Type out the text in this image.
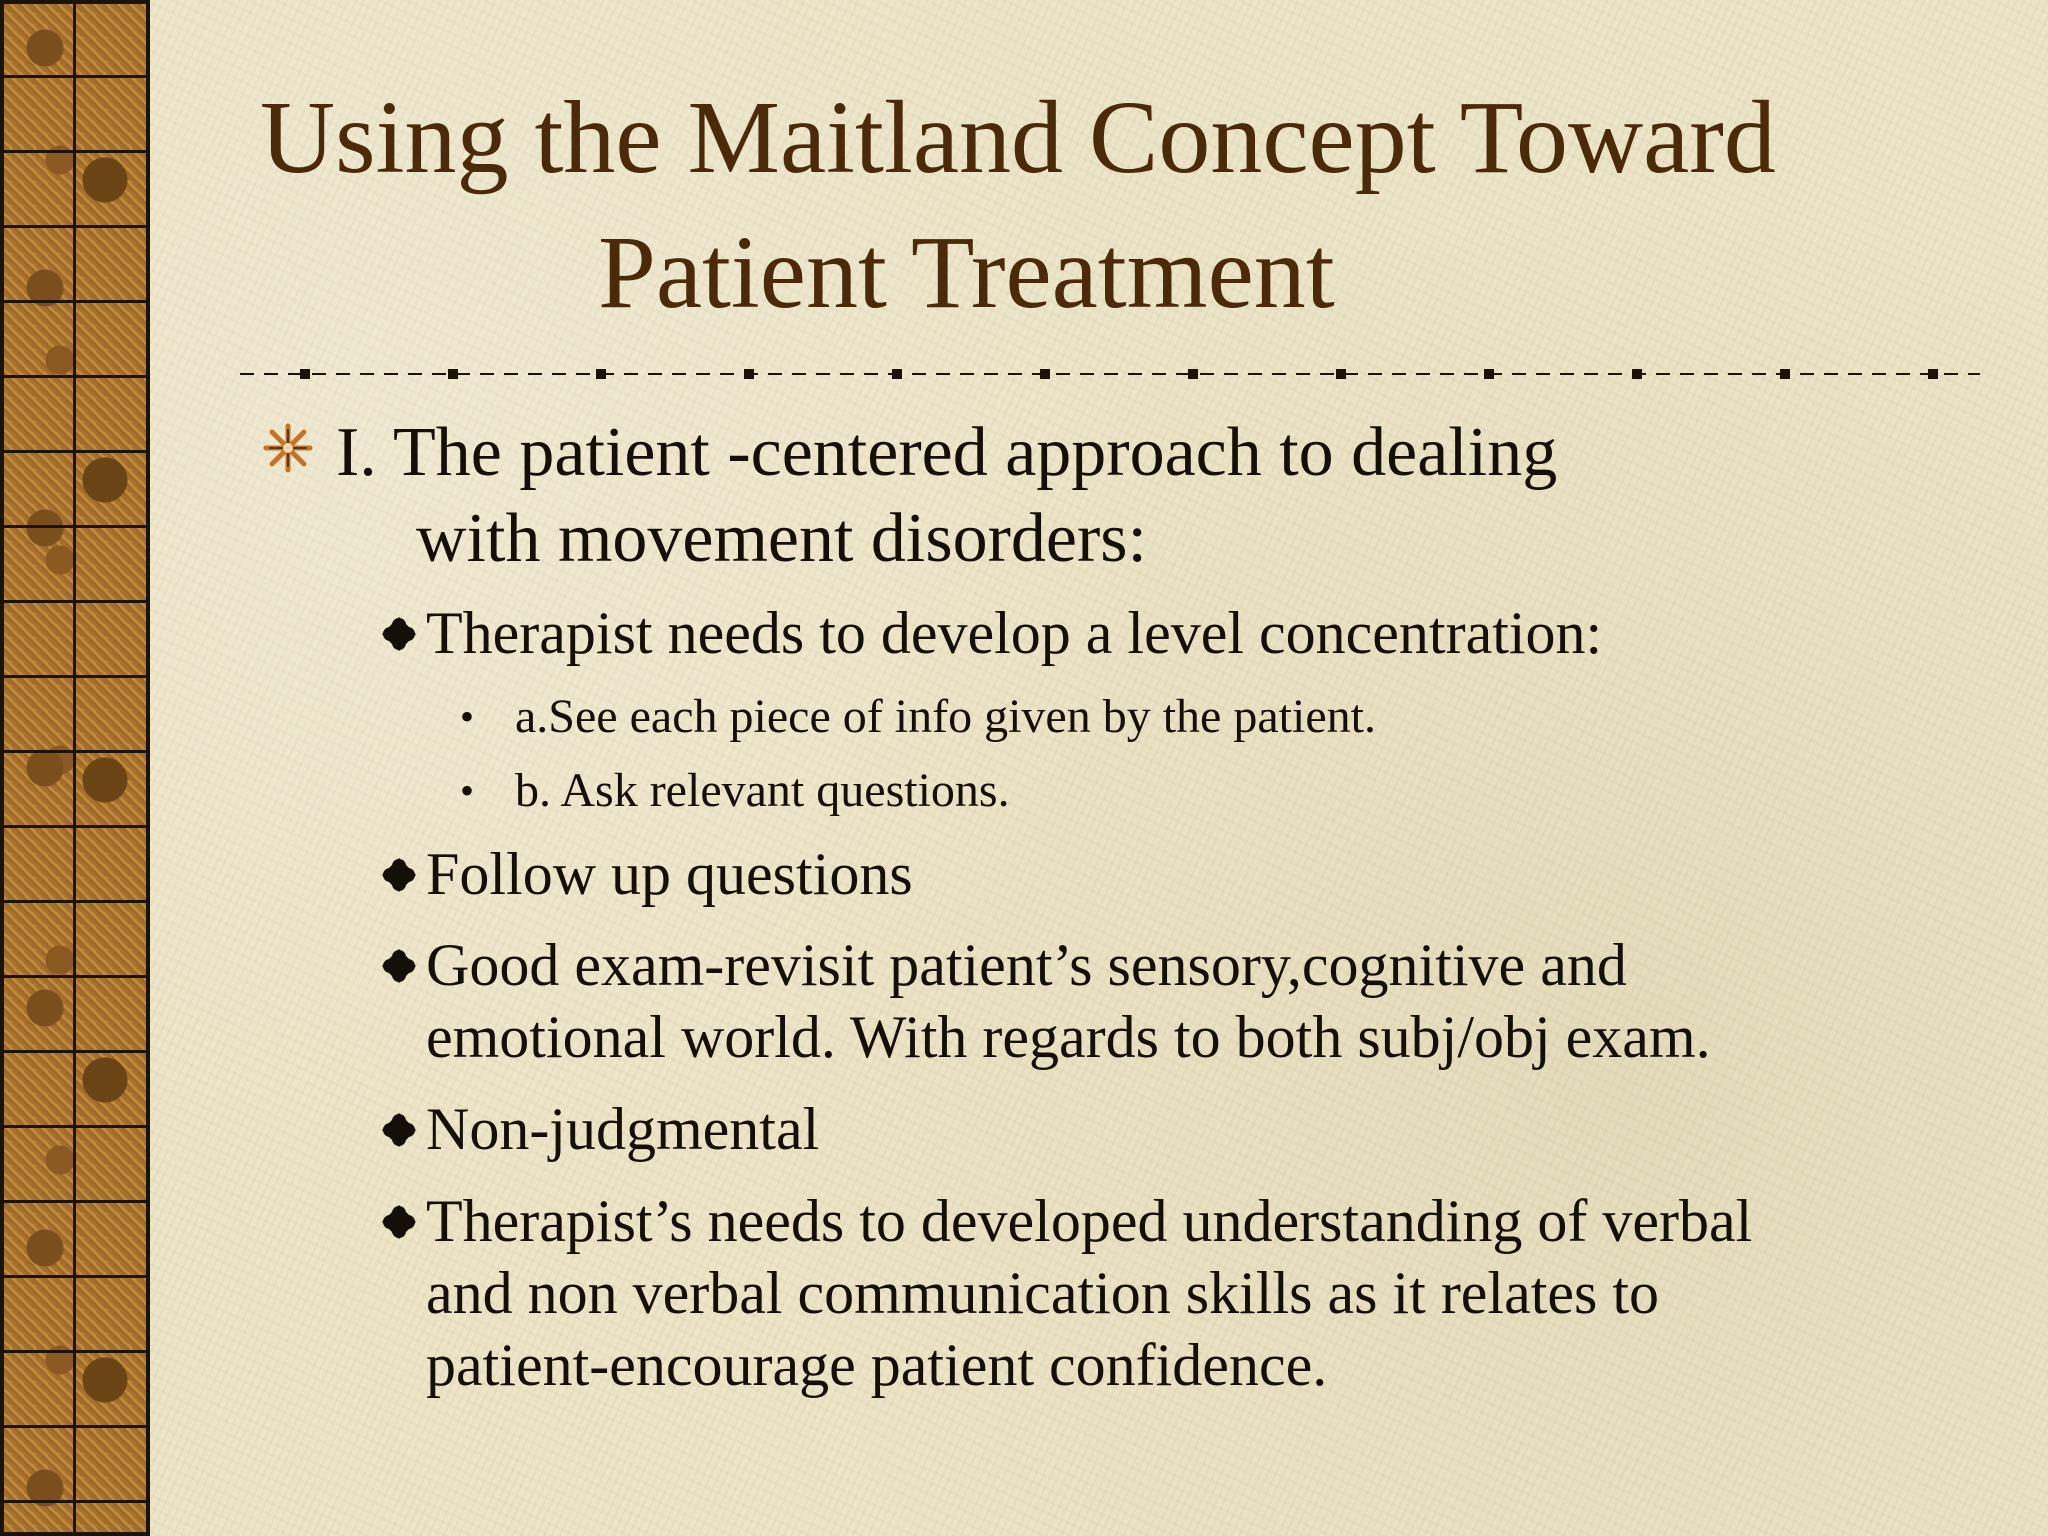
Using the Maitland Concept Toward
Patient Treatment
I. The patient -centered approach to dealing
with movement disorders:
Therapist needs to develop a level concentration:
• a.See each piece of info given by the patient.
• b. Ask relevant questions.
Follow up questions
Good exam-revisit patient’s sensory,cognitive and
emotional world. With regards to both subj/obj exam.
Non-judgmental
Therapist’s needs to developed understanding of verbal
and non verbal communication skills as it relates to
patient-encourage patient confidence.
